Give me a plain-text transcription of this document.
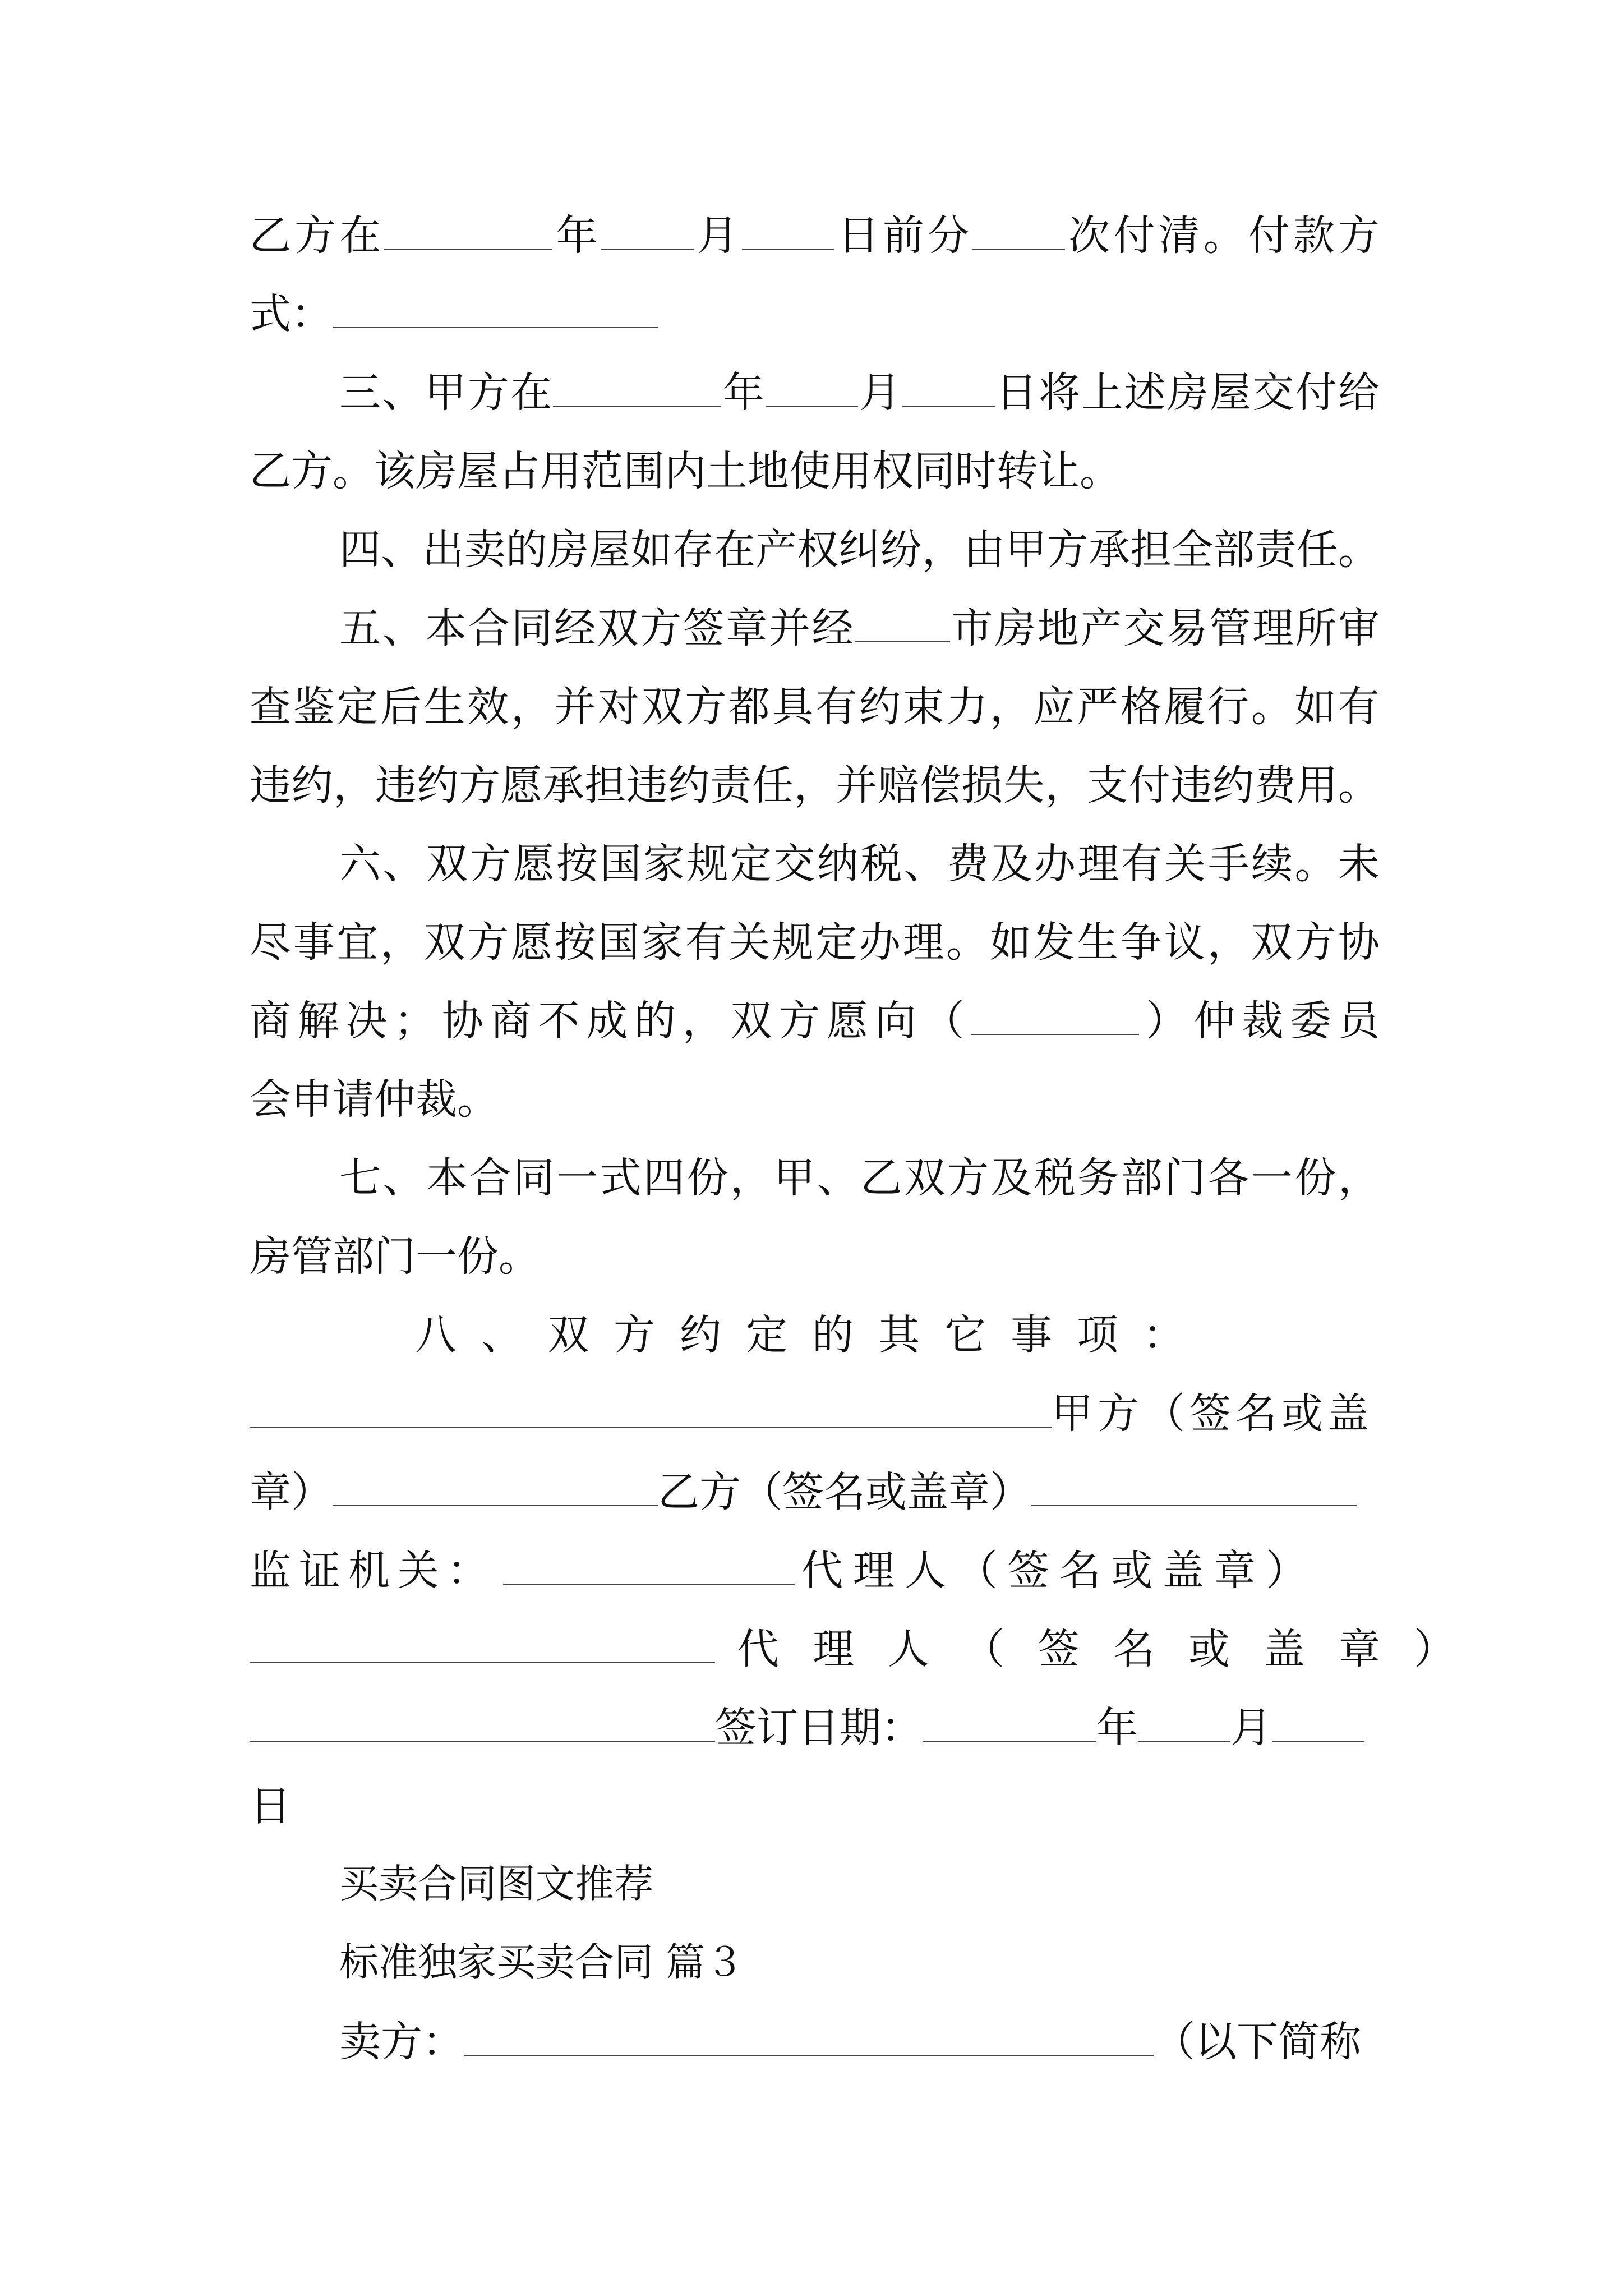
乙方在	年 月 日前分 次付清。付款方
式：
三、甲方在	年 月 日将上述房屋交付给
乙方。该房屋占用范围内土地使用权同时转让。
四、出卖的房屋如存在产权纠纷，由甲方承担全部责任。
五、本合同经双方签章并经 市房地产交易管理所审
查鉴定后生效，并对双方都具有约束力，应严格履行。如有
违约，违约方愿承担违约责任，并赔偿损失，支付违约费用。
六、双方愿按国家规定交纳税、费及办理有关手续。未
尽事宜，双方愿按国家有关规定办理。如发生争议，双方协
商解决；协商不成的，双方愿向（	）仲裁委员
会申请仲裁。
七、本合同一式四份，甲、乙双方及税务部门各一份，
房管部门一份。
八、双方约定的其它事项：
甲方（签名或盖
章）	乙方（签名或盖章）
监证机关：	代理人（签名或盖章）
代理人（签名或盖章）
签订日期：	年 月
日
买卖合同图文推荐
标准独家买卖合同 篇３
卖方：	（以下简称
